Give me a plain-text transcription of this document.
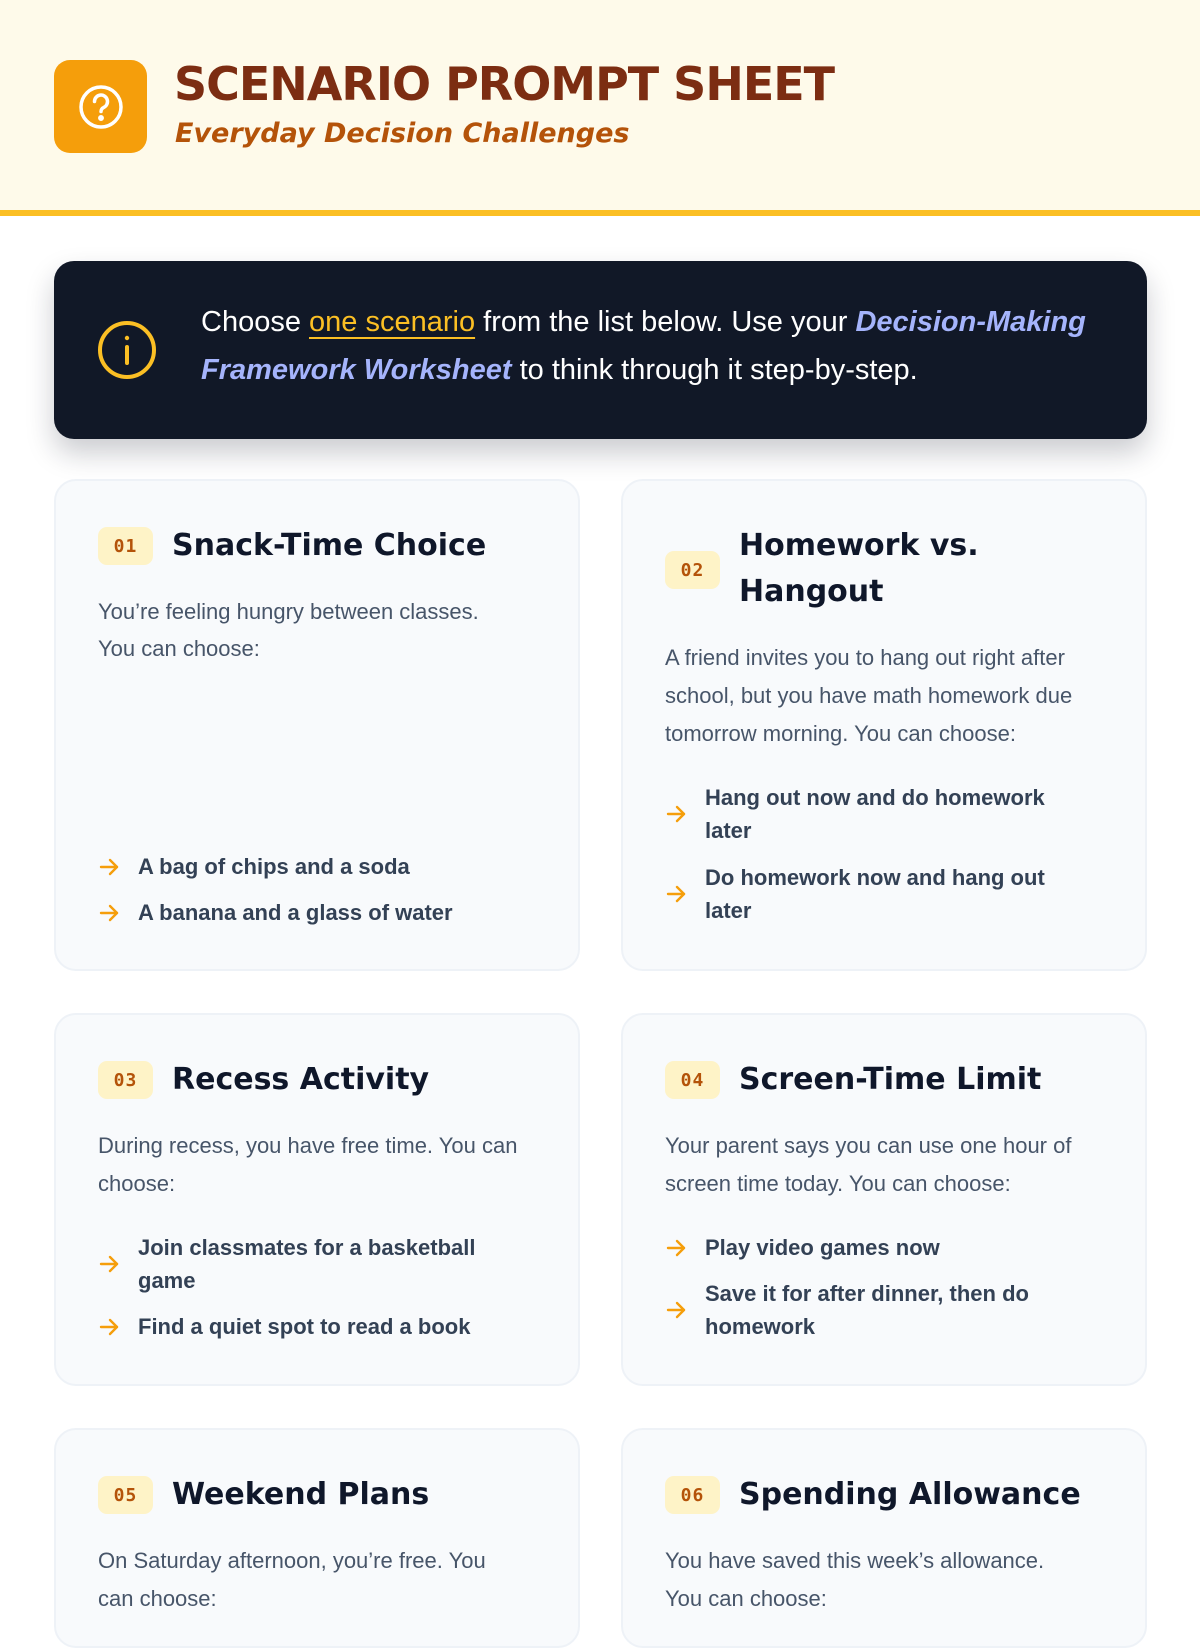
SCENARIO PROMPT SHEET
Everyday Decision Challenges
Choose one scenario from the list below. Use your Decision-Making Framework Worksheet to think through it step-by-step.
01	Snack-Time Choice
You’re feeling hungry between classes. You can choose:
A bag of chips and a soda
A banana and a glass of water
02
Homework vs. Hangout
A friend invites you to hang out right after school, but you have math homework due tomorrow morning. You can choose:
Hang out now and do homework later
Do homework now and hang out later
03	Recess Activity
During recess, you have free time. You can choose:
Join classmates for a basketball game
Find a quiet spot to read a book
04	Screen-Time Limit
Your parent says you can use one hour of screen time today. You can choose:
Play video games now
Save it for after dinner, then do homework
05	Weekend Plans
On Saturday afternoon, you’re free. You can choose:
06	Spending Allowance
You have saved this week’s allowance. You can choose:
